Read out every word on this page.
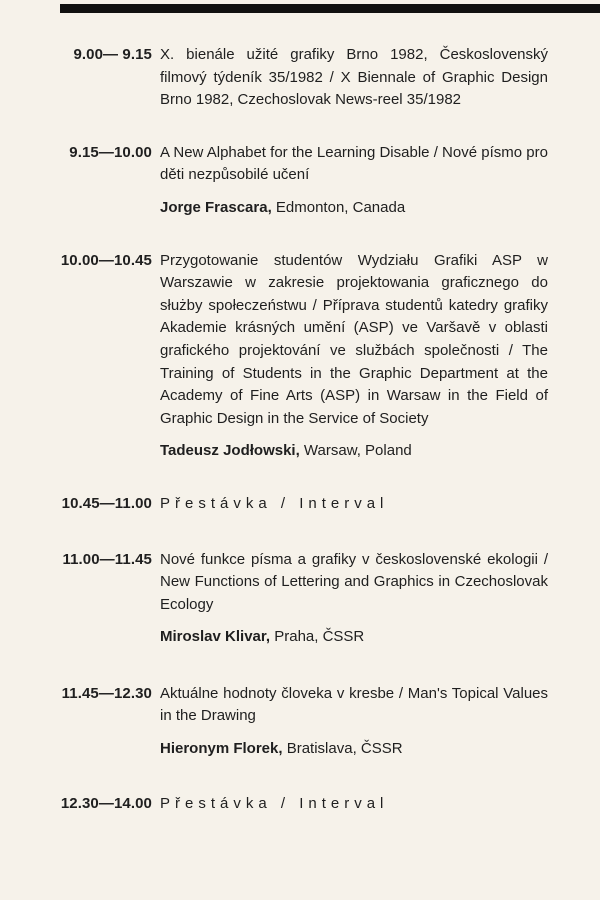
9.00— 9.15 X. bienále užité grafiky Brno 1982, Československý filmový týdeník 35/1982 / X Biennale of Graphic Design Brno 1982, Czechoslovak News-reel 35/1982

9.15—10.00 A New Alphabet for the Learning Disable / Nové písmo pro děti nezpůsobilé učení

Jorge Frascara, Edmonton, Canada

10.00—10.45 Przygotowanie studentów Wydziału Grafiki ASP w Warszawie w zakresie projektowania graficznego do służby społeczeństwu / Příprava studentů katedry grafiky Akademie krásných umění (ASP) ve Varšavě v oblasti grafického projektování ve službách společnosti / The Training of Students in the Graphic Department at the Academy of Fine Arts (ASP) in Warsaw in the Field of Graphic Design in the Service of Society

Tadeusz Jodłowski, Warsaw, Poland

10.45—11.00 Přestávka / Interval
11.00—11.45 Nové funkce písma a grafiky v československé ekologii / New Functions of Lettering and Graphics in Czechoslovak Ecology

Miroslav Klivar, Praha, ČSSR

11.45—12.30 Aktuálne hodnoty človeka v kresbe / Man's Topical Values in the Drawing

Hieronym Florek, Bratislava, ČSSR

12.30—14.00 Přestávka / Interval
